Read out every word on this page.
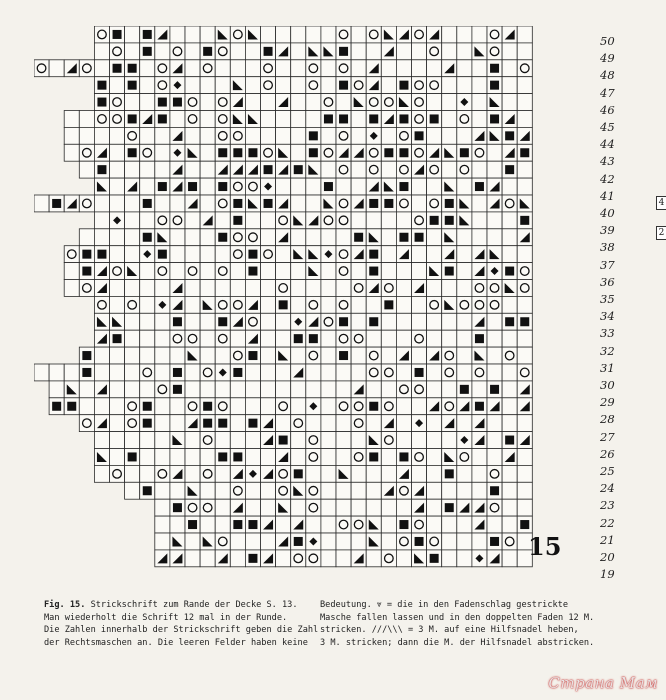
50
49
48
47
46
45
44
43
42
41
40
39
38
37
36
35
34
33
32
31
30
29
28
27
26
25
24
23
22
21
20
19
15
Fig. 15. Strickschrift zum Rande der Decke S. 13.
Man wiederholt die Schrift 12 mal in der Runde.
Die Zahlen innerhalb der Strickschrift geben die Zahl
der Rechtsmaschen an. Die leeren Felder haben keine
Bedeutung. ⩔ = die in den Fadenschlag gestrickte
Masche fallen lassen und in den doppelten Faden 12 M.
stricken. ///\\\ = 3 M. auf eine Hilfsnadel heben,
3 M. stricken; dann die M. der Hilfsnadel abstricken.
4
2
Страна Мам
